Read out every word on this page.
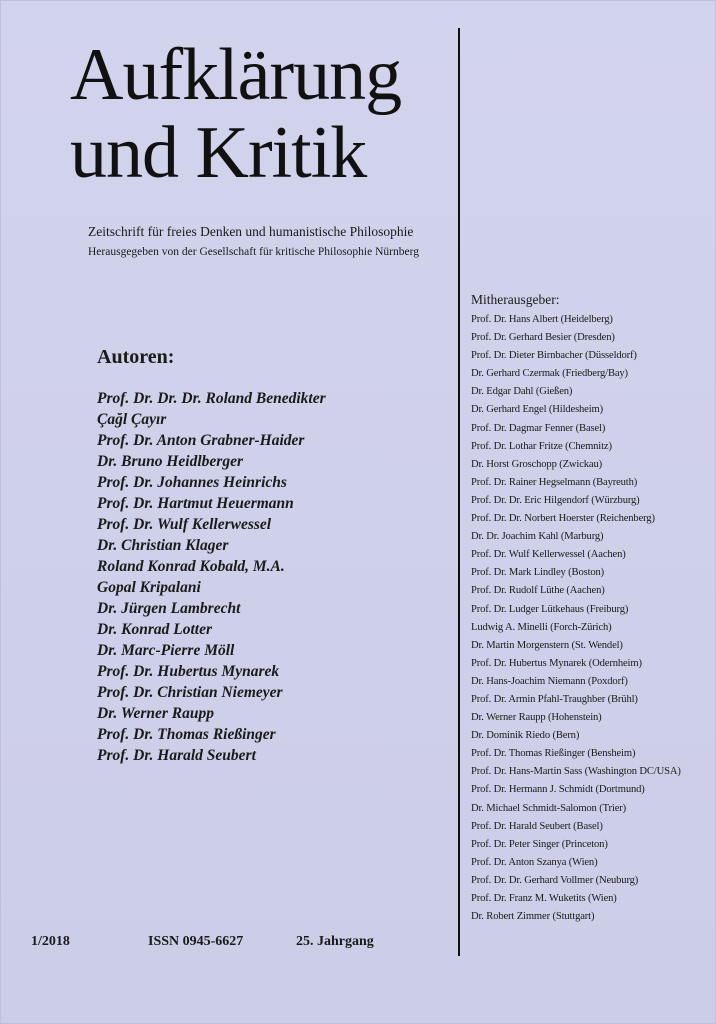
Aufklärung
und Kritik
Zeitschrift für freies Denken und humanistische Philosophie
Herausgegeben von der Gesellschaft für kritische Philosophie Nürnberg
Autoren:
Prof. Dr. Dr. Dr. Roland Benedikter
Çağl Çayır
Prof. Dr. Anton Grabner-Haider
Dr. Bruno Heidlberger
Prof. Dr. Johannes Heinrichs
Prof. Dr. Hartmut Heuermann
Prof. Dr. Wulf Kellerwessel
Dr. Christian Klager
Roland Konrad Kobald, M.A.
Gopal Kripalani
Dr. Jürgen Lambrecht
Dr. Konrad Lotter
Dr. Marc-Pierre Möll
Prof. Dr. Hubertus Mynarek
Prof. Dr. Christian Niemeyer
Dr. Werner Raupp
Prof. Dr. Thomas Rießinger
Prof. Dr. Harald Seubert
Mitherausgeber:
Prof. Dr. Hans Albert (Heidelberg)
Prof. Dr. Gerhard Besier (Dresden)
Prof. Dr. Dieter Birnbacher (Düsseldorf)
Dr. Gerhard Czermak (Friedberg/Bay)
Dr. Edgar Dahl (Gießen)
Dr. Gerhard Engel (Hildesheim)
Prof. Dr. Dagmar Fenner (Basel)
Prof. Dr. Lothar Fritze (Chemnitz)
Dr. Horst Groschopp (Zwickau)
Prof. Dr. Rainer Hegselmann (Bayreuth)
Prof. Dr. Dr. Eric Hilgendorf (Würzburg)
Prof. Dr. Dr. Norbert Hoerster (Reichenberg)
Dr. Dr. Joachim Kahl (Marburg)
Prof. Dr. Wulf Kellerwessel (Aachen)
Prof. Dr. Mark Lindley (Boston)
Prof. Dr. Rudolf Lüthe (Aachen)
Prof. Dr. Ludger Lütkehaus (Freiburg)
Ludwig A. Minelli (Forch-Zürich)
Dr. Martin Morgenstern (St. Wendel)
Prof. Dr. Hubertus Mynarek (Odernheim)
Dr. Hans-Joachim Niemann (Poxdorf)
Prof. Dr. Armin Pfahl-Traughber (Brühl)
Dr. Werner Raupp (Hohenstein)
Dr. Dominik Riedo (Bern)
Prof. Dr. Thomas Rießinger (Bensheim)
Prof. Dr. Hans-Martin Sass (Washington DC/USA)
Prof. Dr. Hermann J. Schmidt (Dortmund)
Dr. Michael Schmidt-Salomon (Trier)
Prof. Dr. Harald Seubert (Basel)
Prof. Dr. Peter Singer (Princeton)
Prof. Dr. Anton Szanya (Wien)
Prof. Dr. Dr. Gerhard Vollmer (Neuburg)
Prof. Dr. Franz M. Wuketits (Wien)
Dr. Robert Zimmer (Stuttgart)
1/2018	ISSN 0945-6627	25. Jahrgang
